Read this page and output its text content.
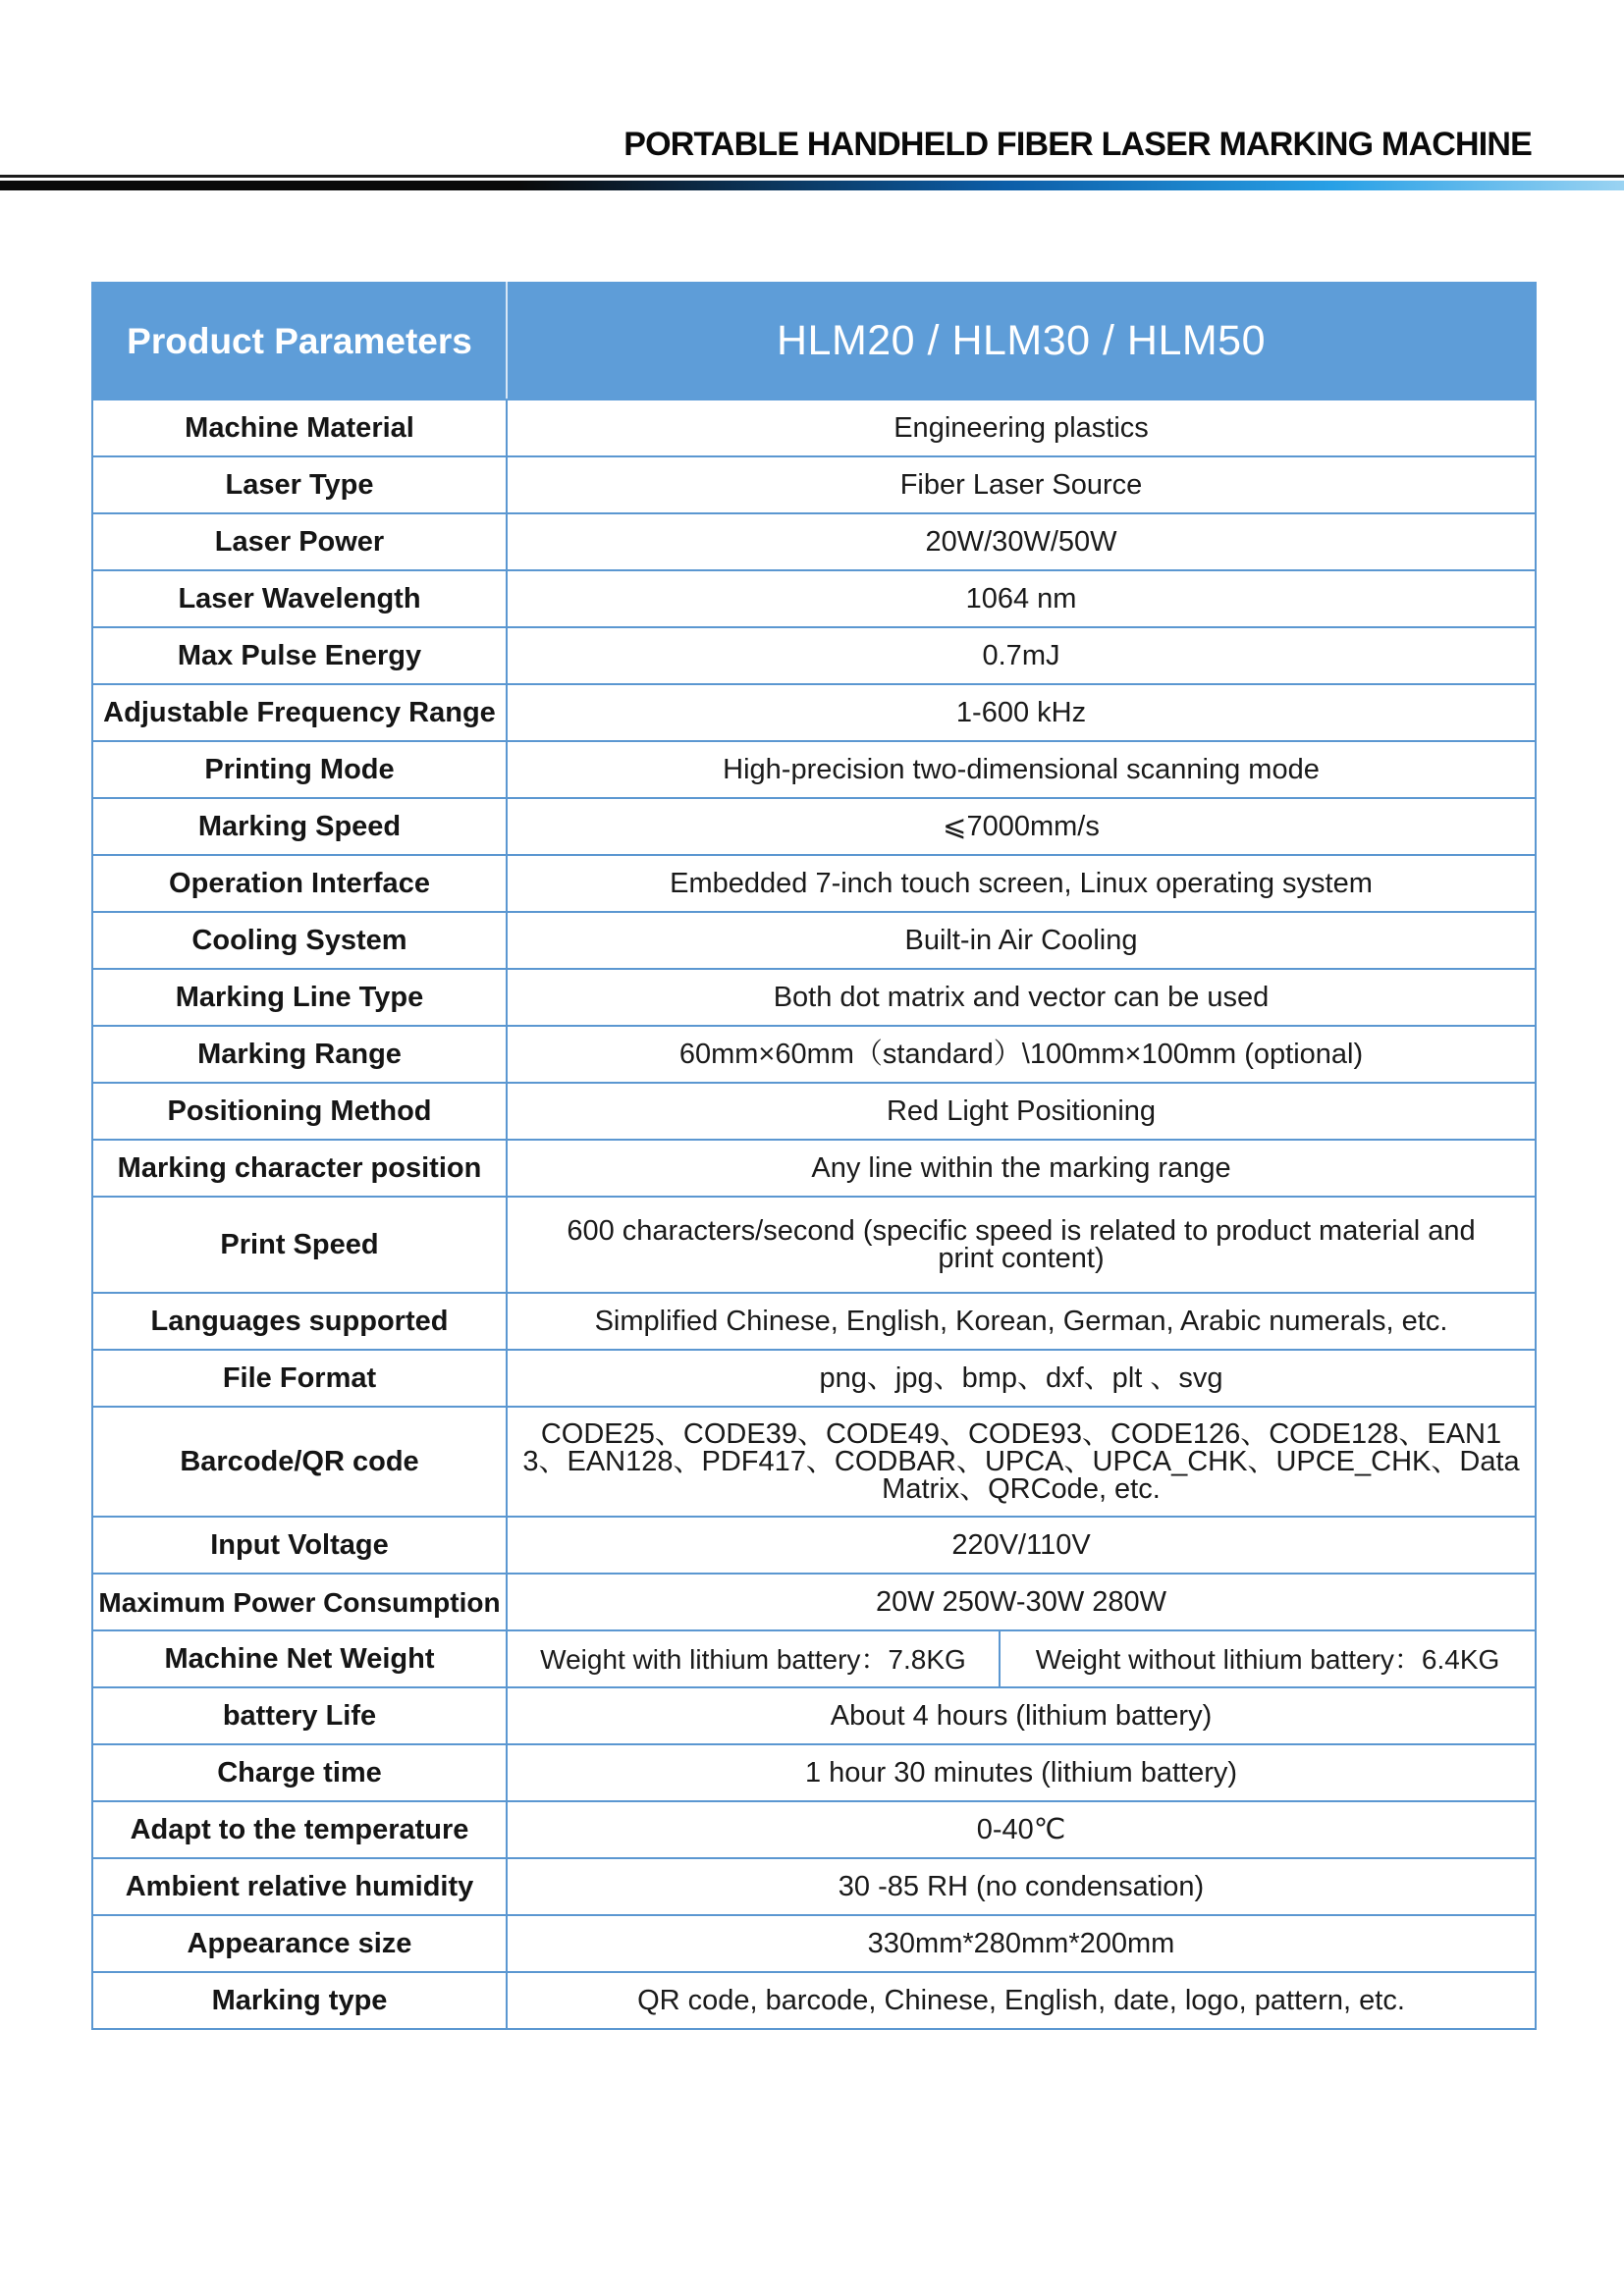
PORTABLE HANDHELD FIBER LASER MARKING MACHINE
Product Parameters	HLM20 / HLM30 / HLM50	
Machine Material	Engineering plastics	
Laser Type	Fiber Laser Source	
Laser Power	20W/30W/50W	
Laser Wavelength	1064 nm	
Max Pulse Energy	0.7mJ	
Adjustable Frequency Range	1-600 kHz	
Printing Mode	High-precision two-dimensional scanning mode	
Marking Speed	⩽7000mm/s	
Operation Interface	Embedded 7-inch touch screen, Linux operating system	
Cooling System	Built-in Air Cooling	
Marking Line Type	Both dot matrix and vector can be used	
Marking Range	60mm×60mm（standard）\100mm×100mm (optional)	
Positioning Method	Red Light Positioning	
Marking character position	Any line within the marking range	
Print Speed	600 characters/second (specific speed is related to product material and print content)	
Languages supported	Simplified Chinese, English, Korean, German, Arabic numerals, etc.	
File Format	png、jpg、bmp、dxf、plt 、svg	
Barcode/QR code	CODE25、CODE39、CODE49、CODE93、CODE126、CODE128、EAN13、EAN128、PDF417、CODBAR、UPCA、UPCA_CHK、UPCE_CHK、DataMatrix、QRCode, etc.	
Input Voltage	220V/110V	
Maximum Power Consumption	20W 250W-30W 280W	
Machine Net Weight	Weight with lithium battery：7.8KG	Weight without lithium battery：6.4KG
battery Life	About 4 hours (lithium battery)	
Charge time	1 hour 30 minutes (lithium battery)	
Adapt to the temperature	0-40℃	
Ambient relative humidity	30 -85 RH (no condensation)	
Appearance size	330mm*280mm*200mm	
Marking type	QR code, barcode, Chinese, English, date, logo, pattern, etc.	
